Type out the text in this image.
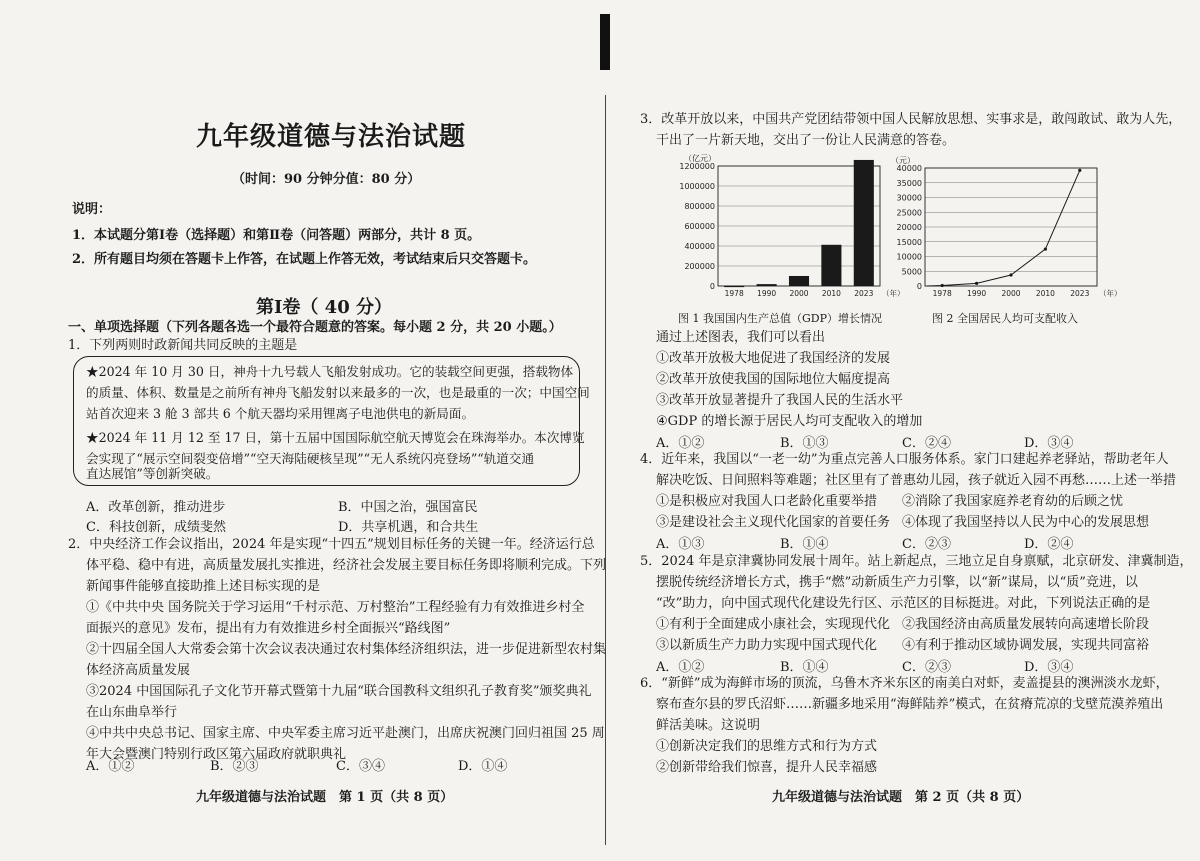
九年级道德与法治试题
（时间：90 分钟分值：80 分）
说明：
1．本试题分第Ⅰ卷（选择题）和第Ⅱ卷（问答题）两部分，共计 8 页。
2．所有题目均须在答题卡上作答，在试题上作答无效，考试结束后只交答题卡。
第Ⅰ卷（ 40 分）
一、单项选择题（下列各题各选一个最符合题意的答案。每小题 2 分，共 20 小题。）
1．下列两则时政新闻共同反映的主题是
★2024 年 10 月 30 日，神舟十九号载人飞船发射成功。它的装载空间更强，搭载物体
的质量、体积、数量是之前所有神舟飞船发射以来最多的一次，也是最重的一次；中国空间
站首次迎来 3 舱 3 部共 6 个航天器均采用锂离子电池供电的新局面。
★2024 年 11 月 12 至 17 日，第十五届中国国际航空航天博览会在珠海举办。本次博览
会实现了“展示空间裂变倍增”“空天海陆硬核呈现”“无人系统闪亮登场”“轨道交通
直达展馆”等创新突破。
A．改革创新，推动进步	B．中国之治，强国富民
C．科技创新，成绩斐然	D．共享机遇，和合共生
2．中央经济工作会议指出，2024 年是实现“十四五”规划目标任务的关键一年。经济运行总
体平稳、稳中有进，高质量发展扎实推进，经济社会发展主要目标任务即将顺利完成。下列
新闻事件能够直接助推上述目标实现的是
①《中共中央 国务院关于学习运用“千村示范、万村整治”工程经验有力有效推进乡村全
面振兴的意见》发布，提出有力有效推进乡村全面振兴“路线图”
②十四届全国人大常委会第十次会议表决通过农村集体经济组织法，进一步促进新型农村集
体经济高质量发展
③2024 中国国际孔子文化节开幕式暨第十九届“联合国教科文组织孔子教育奖”颁奖典礼
在山东曲阜举行
④中共中央总书记、国家主席、中央军委主席习近平赴澳门，出席庆祝澳门回归祖国 25 周
年大会暨澳门特别行政区第六届政府就职典礼
A．①②	B．②③	C．③④	D．①④
九年级道德与法治试题　第 1 页（共 8 页）
3．改革开放以来，中国共产党团结带领中国人民解放思想、实事求是，敢闯敢试、敢为人先，
干出了一片新天地，交出了一份让人民满意的答卷。
0
200000
400000
600000
800000
1000000
1200000
（亿元）
1978 1990 2000 2010 2023 （年）
0
5000
10000
15000
20000
25000
30000
35000
40000
（元）
1978 1990 2000 2010 2023 （年）
图 1 我国国内生产总值（GDP）增长情况	图 2 全国居民人均可支配收入
通过上述图表，我们可以看出
①改革开放极大地促进了我国经济的发展
②改革开放使我国的国际地位大幅度提高
③改革开放显著提升了我国人民的生活水平
④GDP 的增长源于居民人均可支配收入的增加
A．①②	B．①③	C．②④	D．③④
4．近年来，我国以“一老一幼”为重点完善人口服务体系。家门口建起养老驿站，帮助老年人
解决吃饭、日间照料等难题；社区里有了普惠幼儿园，孩子就近入园不再愁……上述一举措
①是积极应对我国人口老龄化重要举措 ②消除了我国家庭养老育幼的后顾之忧
③是建设社会主义现代化国家的首要任务 ④体现了我国坚持以人民为中心的发展思想
A．①③	B．①④	C．②③	D．②④
5．2024 年是京津冀协同发展十周年。站上新起点，三地立足自身禀赋，北京研发、津冀制造，
摆脱传统经济增长方式，携手“燃”动新质生产力引擎，以“新”谋局，以“质”竞进，以
“改”助力，向中国式现代化建设先行区、示范区的目标挺进。对此，下列说法正确的是
①有利于全面建成小康社会，实现现代化 ②我国经济由高质量发展转向高速增长阶段
③以新质生产力助力实现中国式现代化 ④有利于推动区域协调发展，实现共同富裕
A．①②	B．①④	C．②③	D．③④
6．“新鲜”成为海鲜市场的顶流，乌鲁木齐米东区的南美白对虾，麦盖提县的澳洲淡水龙虾，
察布查尔县的罗氏沼虾……新疆多地采用“海鲜陆养”模式，在贫瘠荒凉的戈壁荒漠养殖出
鲜活美味。这说明
①创新决定我们的思维方式和行为方式
②创新带给我们惊喜，提升人民幸福感
九年级道德与法治试题　第 2 页（共 8 页）
